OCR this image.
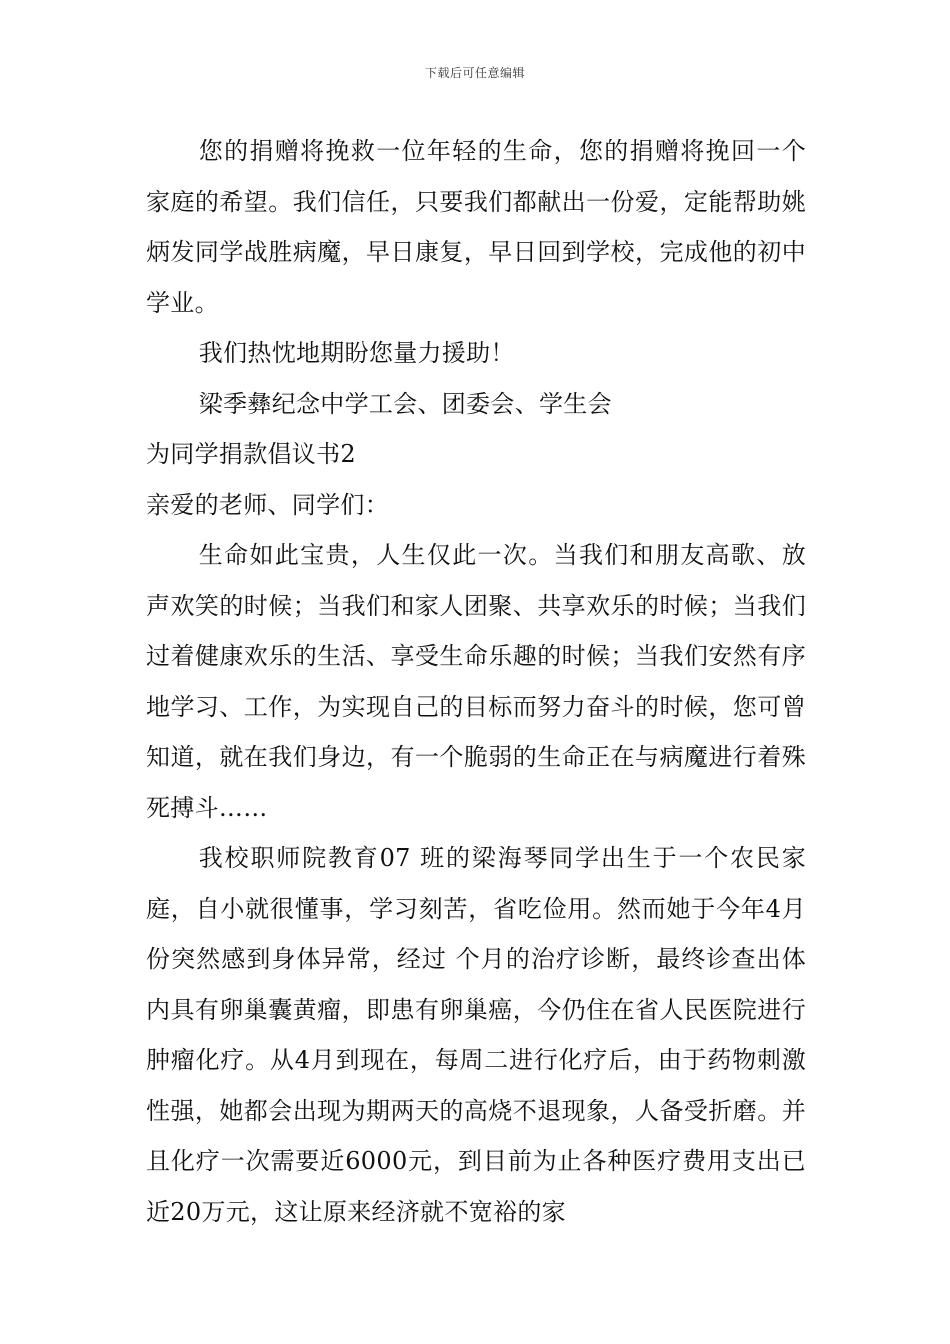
下载后可任意编辑

您的捐赠将挽救一位年轻的生命，您的捐赠将挽回一个家庭的希望。我们信任，只要我们都献出一份爱，定能帮助姚炳发同学战胜病魔，早日康复，早日回到学校，完成他的初中学业。

我们热忱地期盼您量力援助！

梁季彝纪念中学工会、团委会、学生会

为同学捐款倡议书2

亲爱的老师、同学们：

生命如此宝贵，人生仅此一次。当我们和朋友高歌、放声欢笑的时候；当我们和家人团聚、共享欢乐的时候；当我们过着健康欢乐的生活、享受生命乐趣的时候；当我们安然有序地学习、工作，为实现自己的目标而努力奋斗的时候，您可曾知道，就在我们身边，有一个脆弱的生命正在与病魔进行着殊死搏斗……

我校职师院教育07 班的梁海琴同学出生于一个农民家庭，自小就很懂事，学习刻苦，省吃俭用。然而她于今年4月份突然感到身体异常，经过 个月的治疗诊断，最终诊查出体内具有卵巢囊黄瘤，即患有卵巢癌，今仍住在省人民医院进行肿瘤化疗。从4月到现在，每周二进行化疗后，由于药物刺激性强，她都会出现为期两天的高烧不退现象，人备受折磨。并且化疗一次需要近6000元，到目前为止各种医疗费用支出已近20万元，这让原来经济就不宽裕的家
